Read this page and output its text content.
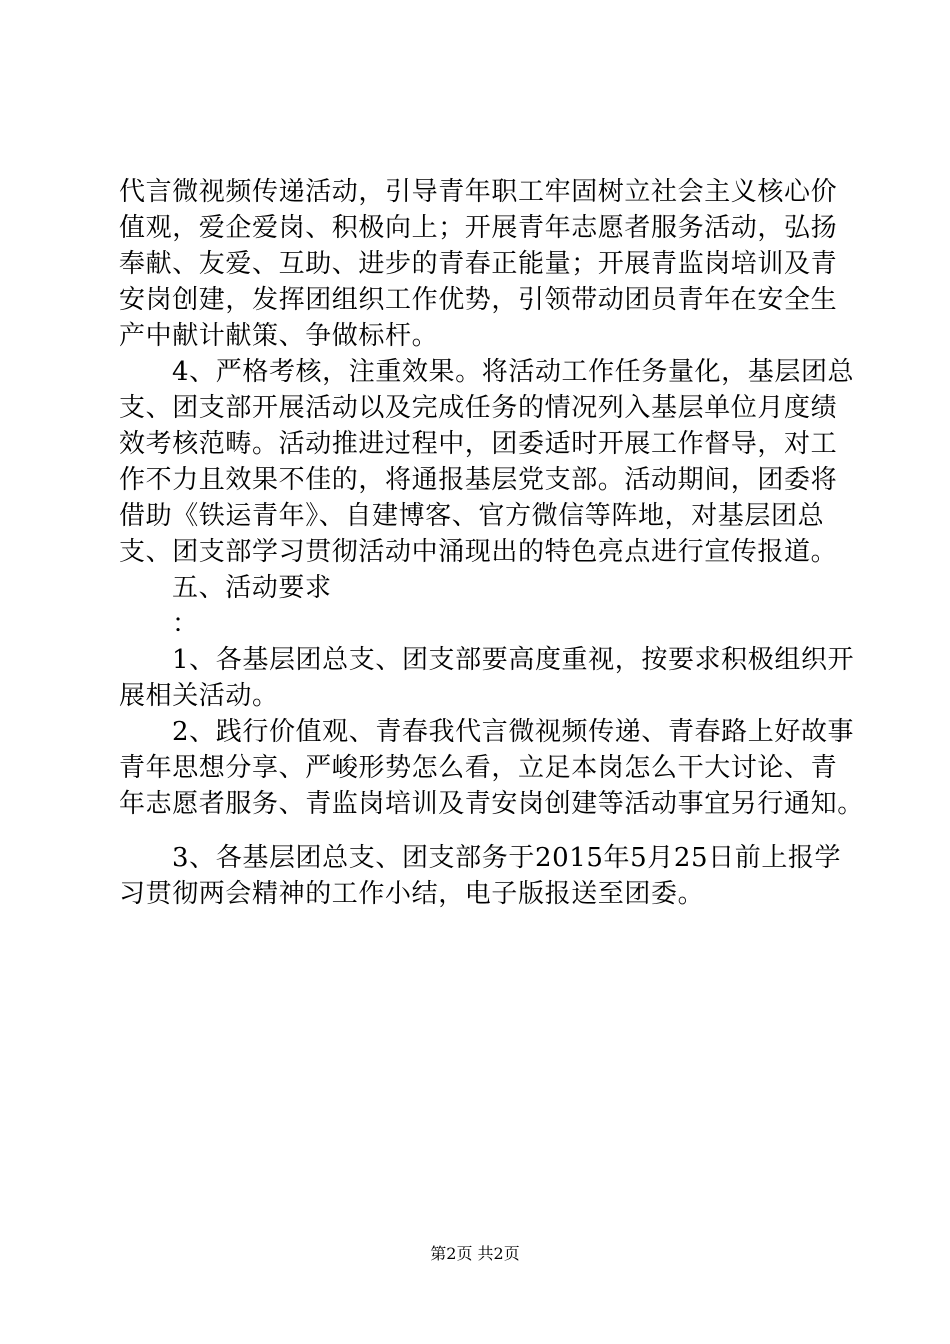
代言微视频传递活动，引导青年职工牢固树立社会主义核心价
值观，爱企爱岗、积极向上；开展青年志愿者服务活动，弘扬
奉献、友爱、互助、进步的青春正能量；开展青监岗培训及青
安岗创建，发挥团组织工作优势，引领带动团员青年在安全生
产中献计献策、争做标杆。
4、严格考核，注重效果。将活动工作任务量化，基层团总
支、团支部开展活动以及完成任务的情况列入基层单位月度绩
效考核范畴。活动推进过程中，团委适时开展工作督导，对工
作不力且效果不佳的，将通报基层党支部。活动期间，团委将
借助《铁运青年》、自建博客、官方微信等阵地，对基层团总
支、团支部学习贯彻活动中涌现出的特色亮点进行宣传报道。
五、活动要求
：
1、各基层团总支、团支部要高度重视，按要求积极组织开
展相关活动。
2、践行价值观、青春我代言微视频传递、青春路上好故事
青年思想分享、严峻形势怎么看，立足本岗怎么干大讨论、青
年志愿者服务、青监岗培训及青安岗创建等活动事宜另行通知。
3、各基层团总支、团支部务于2015年5月25日前上报学
习贯彻两会精神的工作小结，电子版报送至团委。
第2页 共2页
